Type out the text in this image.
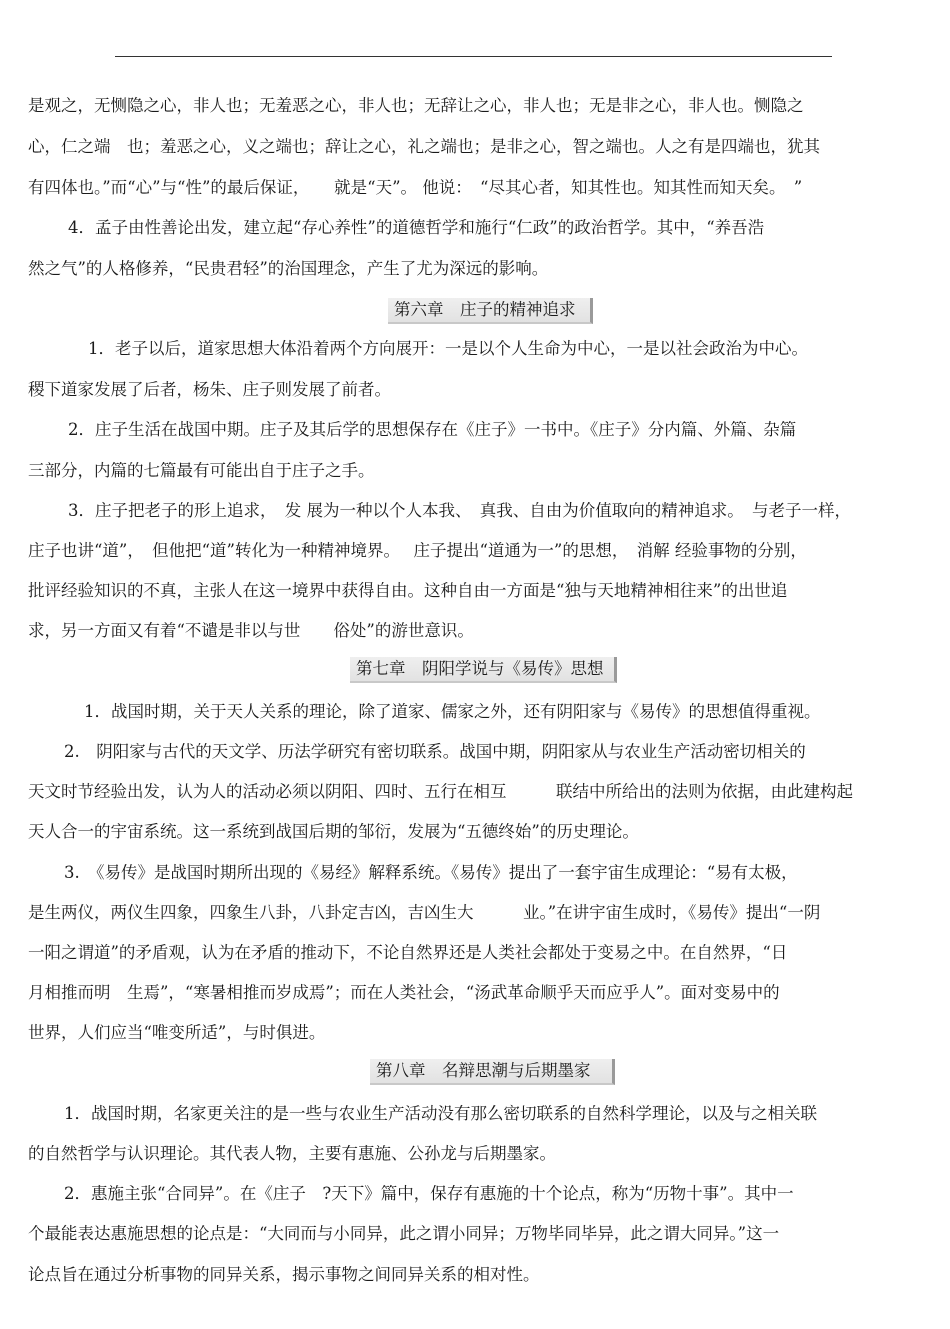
是观之，无恻隐之心，非人也；无羞恶之心，非人也；无辞让之心，非人也；无是非之心，非人也。恻隐之
心，仁之端　也；羞恶之心，义之端也；辞让之心，礼之端也；是非之心，智之端也。人之有是四端也，犹其
有四体也。”而“心”与“性”的最后保证，　　就是“天”。 他说：　“尽其心者，知其性也。知其性而知天矣。　”
4．孟子由性善论出发，建立起“存心养性”的道德哲学和施行“仁政”的政治哲学。其中，“养吾浩
然之气”的人格修养，“民贵君轻”的治国理念，产生了尤为深远的影响。
第六章　庄子的精神追求
1．老子以后，道家思想大体沿着两个方向展开：一是以个人生命为中心，一是以社会政治为中心。
稷下道家发展了后者，杨朱、庄子则发展了前者。
2．庄子生活在战国中期。庄子及其后学的思想保存在《庄子》一书中。《庄子》分内篇、外篇、杂篇
三部分，内篇的七篇最有可能出自于庄子之手。
3．庄子把老子的形上追求，　发 展为一种以个人本我、　真我、自由为价值取向的精神追求。　与老子一样，
庄子也讲“道”，　但他把“道”转化为一种精神境界。　 庄子提出“道通为一”的思想，　消解 经验事物的分别，
批评经验知识的不真，主张人在这一境界中获得自由。这种自由一方面是“独与天地精神相往来”的出世追
求，另一方面又有着“不谴是非以与世　　俗处”的游世意识。
第七章　阴阳学说与《易传》思想
1．战国时期，关于天人关系的理论，除了道家、儒家之外，还有阴阳家与《易传》的思想值得重视。
2.　阴阳家与古代的天文学、历法学研究有密切联系。战国中期，阴阳家从与农业生产活动密切相关的
天文时节经验出发，认为人的活动必须以阴阳、四时、五行在相互　　　联结中所给出的法则为依据，由此建构起
天人合一的宇宙系统。这一系统到战国后期的邹衍，发展为“五德终始”的历史理论。
3.　《易传》是战国时期所出现的《易经》解释系统。《易传》提出了一套宇宙生成理论：“易有太极，
是生两仪，两仪生四象，四象生八卦，八卦定吉凶，吉凶生大　　　业。”在讲宇宙生成时，《易传》提出“一阴
一阳之谓道”的矛盾观，认为在矛盾的推动下，不论自然界还是人类社会都处于变易之中。在自然界，“日
月相推而明　生焉”，“寒暑相推而岁成焉”；而在人类社会，“汤武革命顺乎天而应乎人”。面对变易中的
世界，人们应当“唯变所适”，与时俱进。
第八章　名辩思潮与后期墨家
1．战国时期，名家更关注的是一些与农业生产活动没有那么密切联系的自然科学理论，以及与之相关联
的自然哲学与认识理论。其代表人物，主要有惠施、公孙龙与后期墨家。
2．惠施主张“合同异”。在《庄子　?天下》篇中，保存有惠施的十个论点，称为“历物十事”。其中一
个最能表达惠施思想的论点是：“大同而与小同异，此之谓小同异；万物毕同毕异，此之谓大同异。”这一
论点旨在通过分析事物的同异关系，揭示事物之间同异关系的相对性。
